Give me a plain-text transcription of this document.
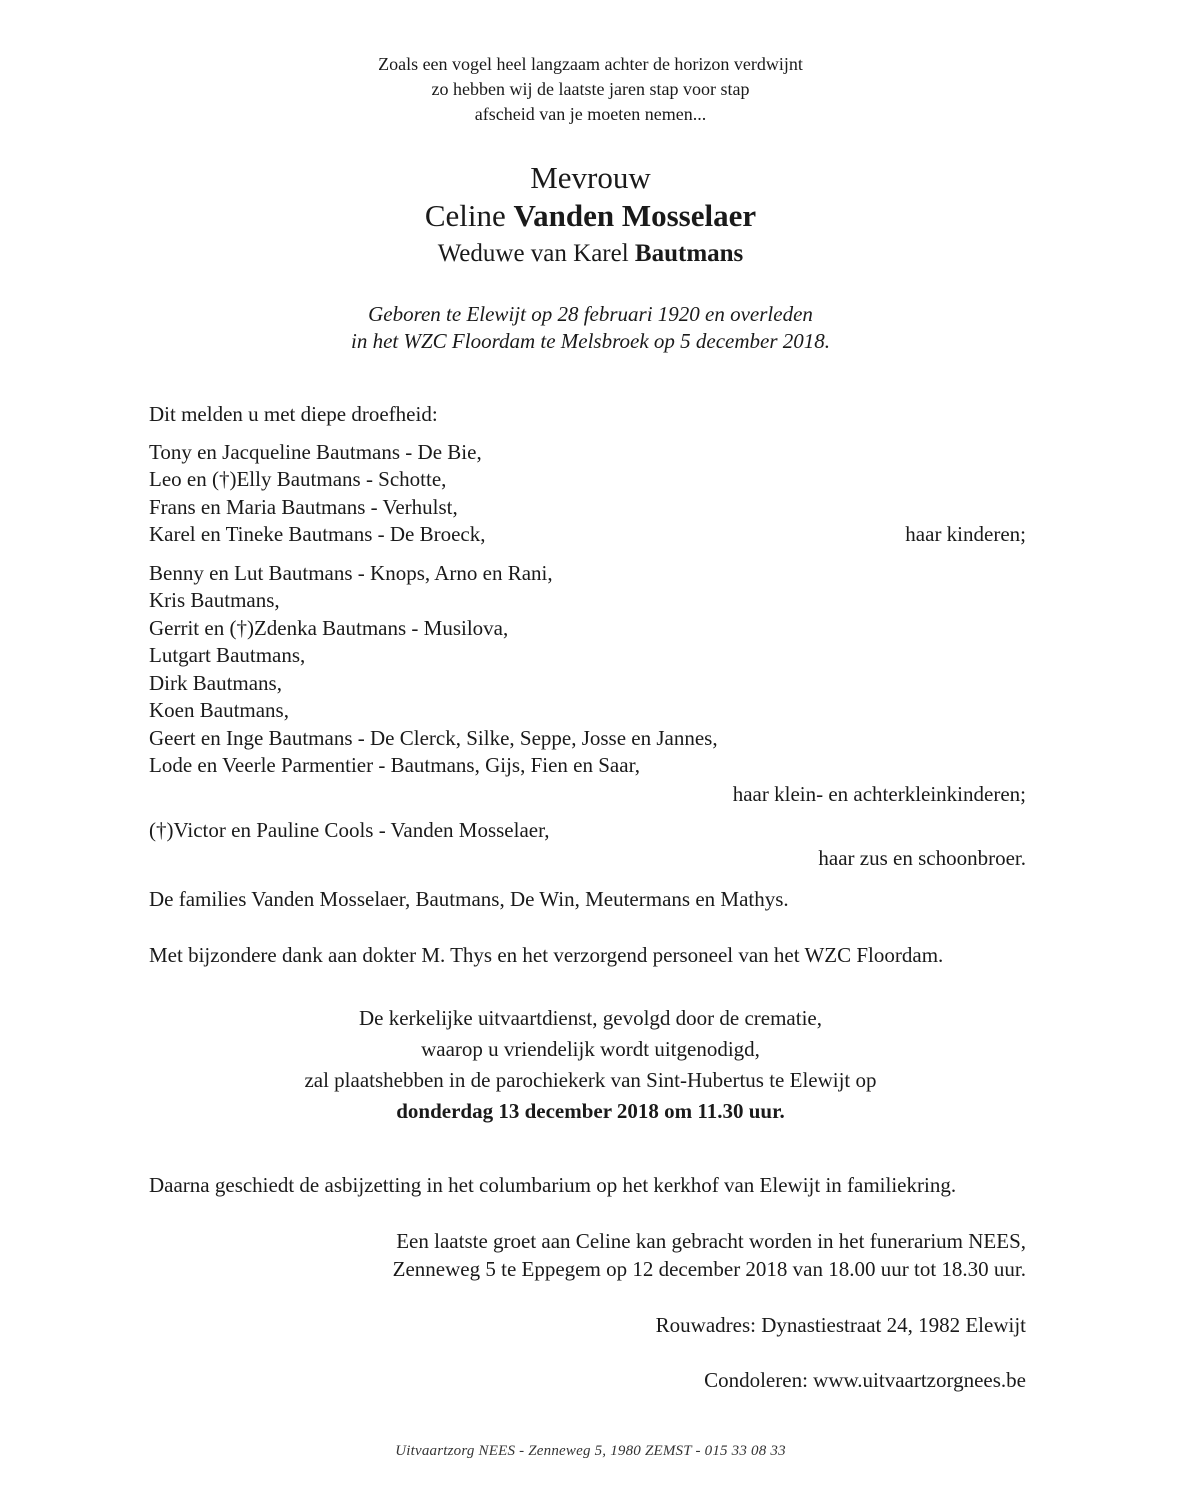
Zoals een vogel heel langzaam achter de horizon verdwijnt
zo hebben wij de laatste jaren stap voor stap
afscheid van je moeten nemen...
Mevrouw
Celine Vanden Mosselaer
Weduwe van Karel Bautmans
Geboren te Elewijt op 28 februari 1920 en overleden
in het WZC Floordam te Melsbroek op 5 december 2018.
Dit melden u met diepe droefheid:
Tony en Jacqueline Bautmans - De Bie,
Leo en (†)Elly Bautmans - Schotte,
Frans en Maria Bautmans - Verhulst,
Karel en Tineke Bautmans - De Broeck,	haar kinderen;
Benny en Lut Bautmans - Knops, Arno en Rani,
Kris Bautmans,
Gerrit en (†)Zdenka Bautmans - Musilova,
Lutgart Bautmans,
Dirk Bautmans,
Koen Bautmans,
Geert en Inge Bautmans - De Clerck, Silke, Seppe, Josse en Jannes,
Lode en Veerle Parmentier - Bautmans, Gijs, Fien en Saar,
haar klein- en achterkleinkinderen;
(†)Victor en Pauline Cools - Vanden Mosselaer,
haar zus en schoonbroer.
De families Vanden Mosselaer, Bautmans, De Win, Meutermans en Mathys.
Met bijzondere dank aan dokter M. Thys en het verzorgend personeel van het WZC Floordam.
De kerkelijke uitvaartdienst, gevolgd door de crematie,
waarop u vriendelijk wordt uitgenodigd,
zal plaatshebben in de parochiekerk van Sint-Hubertus te Elewijt op
donderdag 13 december 2018 om 11.30 uur.
Daarna geschiedt de asbijzetting in het columbarium op het kerkhof van Elewijt in familiekring.
Een laatste groet aan Celine kan gebracht worden in het funerarium NEES,
Zenneweg 5 te Eppegem op 12 december 2018 van 18.00 uur tot 18.30 uur.
Rouwadres: Dynastiestraat 24, 1982 Elewijt
Condoleren: www.uitvaartzorgnees.be
Uitvaartzorg NEES - Zenneweg 5, 1980 ZEMST - 015 33 08 33
